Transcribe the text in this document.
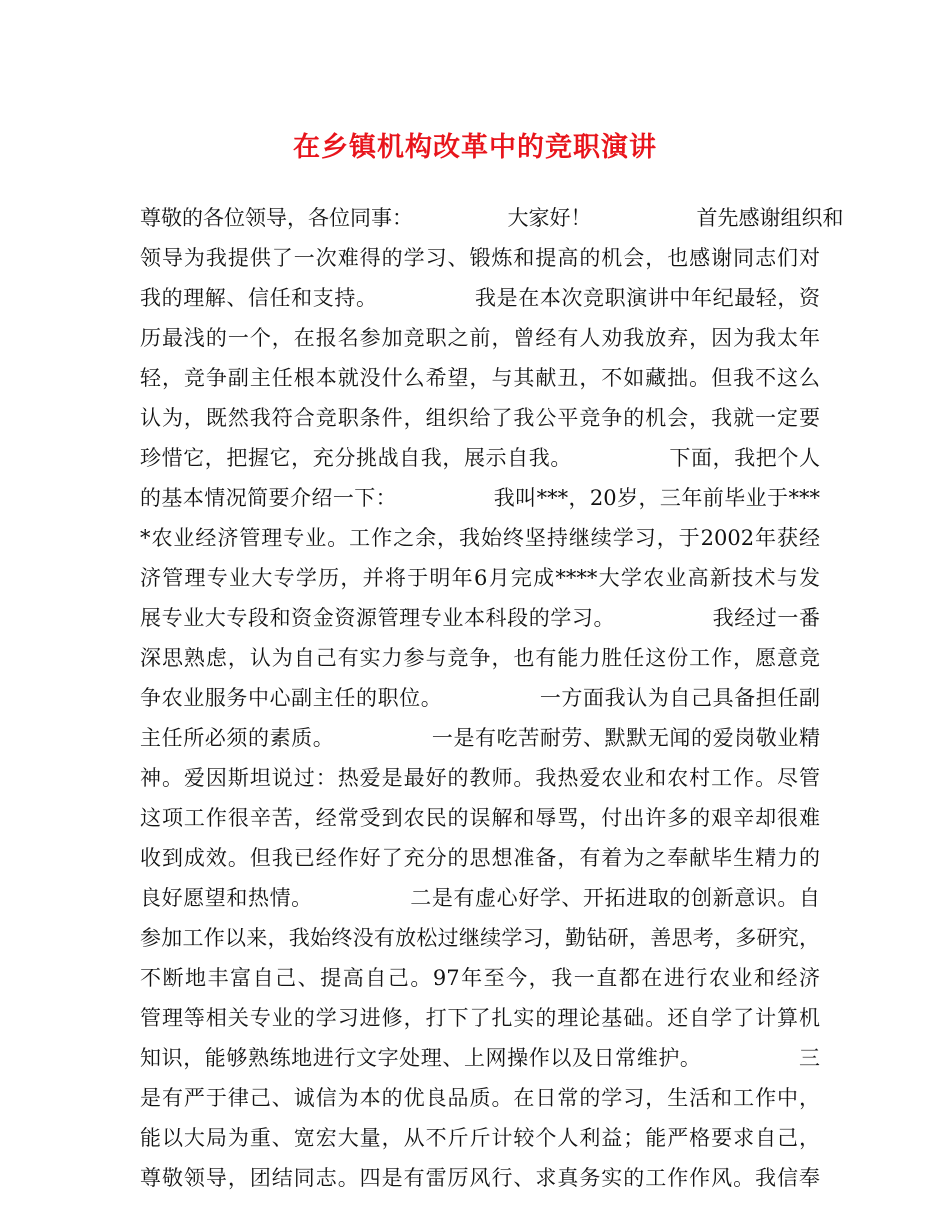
在乡镇机构改革中的竞职演讲
尊敬的各位领导，各位同事：　　　　　大家好！　　　　　首先感谢组织和
领导为我提供了一次难得的学习、锻炼和提高的机会，也感谢同志们对
我的理解、信任和支持。　　　　　我是在本次竞职演讲中年纪最轻，资
历最浅的一个，在报名参加竞职之前，曾经有人劝我放弃，因为我太年
轻，竞争副主任根本就没什么希望，与其献丑，不如藏拙。但我不这么
认为，既然我符合竞职条件，组织给了我公平竞争的机会，我就一定要
珍惜它，把握它，充分挑战自我，展示自我。　　　　　下面，我把个人
的基本情况简要介绍一下：　　　　　我叫***，20岁，三年前毕业于***
*农业经济管理专业。工作之余，我始终坚持继续学习，于2002年获经
济管理专业大专学历，并将于明年6月完成****大学农业高新技术与发
展专业大专段和资金资源管理专业本科段的学习。　　　　　我经过一番
深思熟虑，认为自己有实力参与竞争，也有能力胜任这份工作，愿意竞
争农业服务中心副主任的职位。　　　　　一方面我认为自己具备担任副
主任所必须的素质。　　　　　一是有吃苦耐劳、默默无闻的爱岗敬业精
神。爱因斯坦说过：热爱是最好的教师。我热爱农业和农村工作。尽管
这项工作很辛苦，经常受到农民的误解和辱骂，付出许多的艰辛却很难
收到成效。但我已经作好了充分的思想准备，有着为之奉献毕生精力的
良好愿望和热情。　　　　　二是有虚心好学、开拓进取的创新意识。自
参加工作以来，我始终没有放松过继续学习，勤钻研，善思考，多研究，
不断地丰富自己、提高自己。97年至今，我一直都在进行农业和经济
管理等相关专业的学习进修，打下了扎实的理论基础。还自学了计算机
知识，能够熟练地进行文字处理、上网操作以及日常维护。　　　　　三
是有严于律己、诚信为本的优良品质。在日常的学习，生活和工作中，
能以大局为重、宽宏大量，从不斤斤计较个人利益；能严格要求自己，
尊敬领导，团结同志。四是有雷厉风行、求真务实的工作作风。我信奉
